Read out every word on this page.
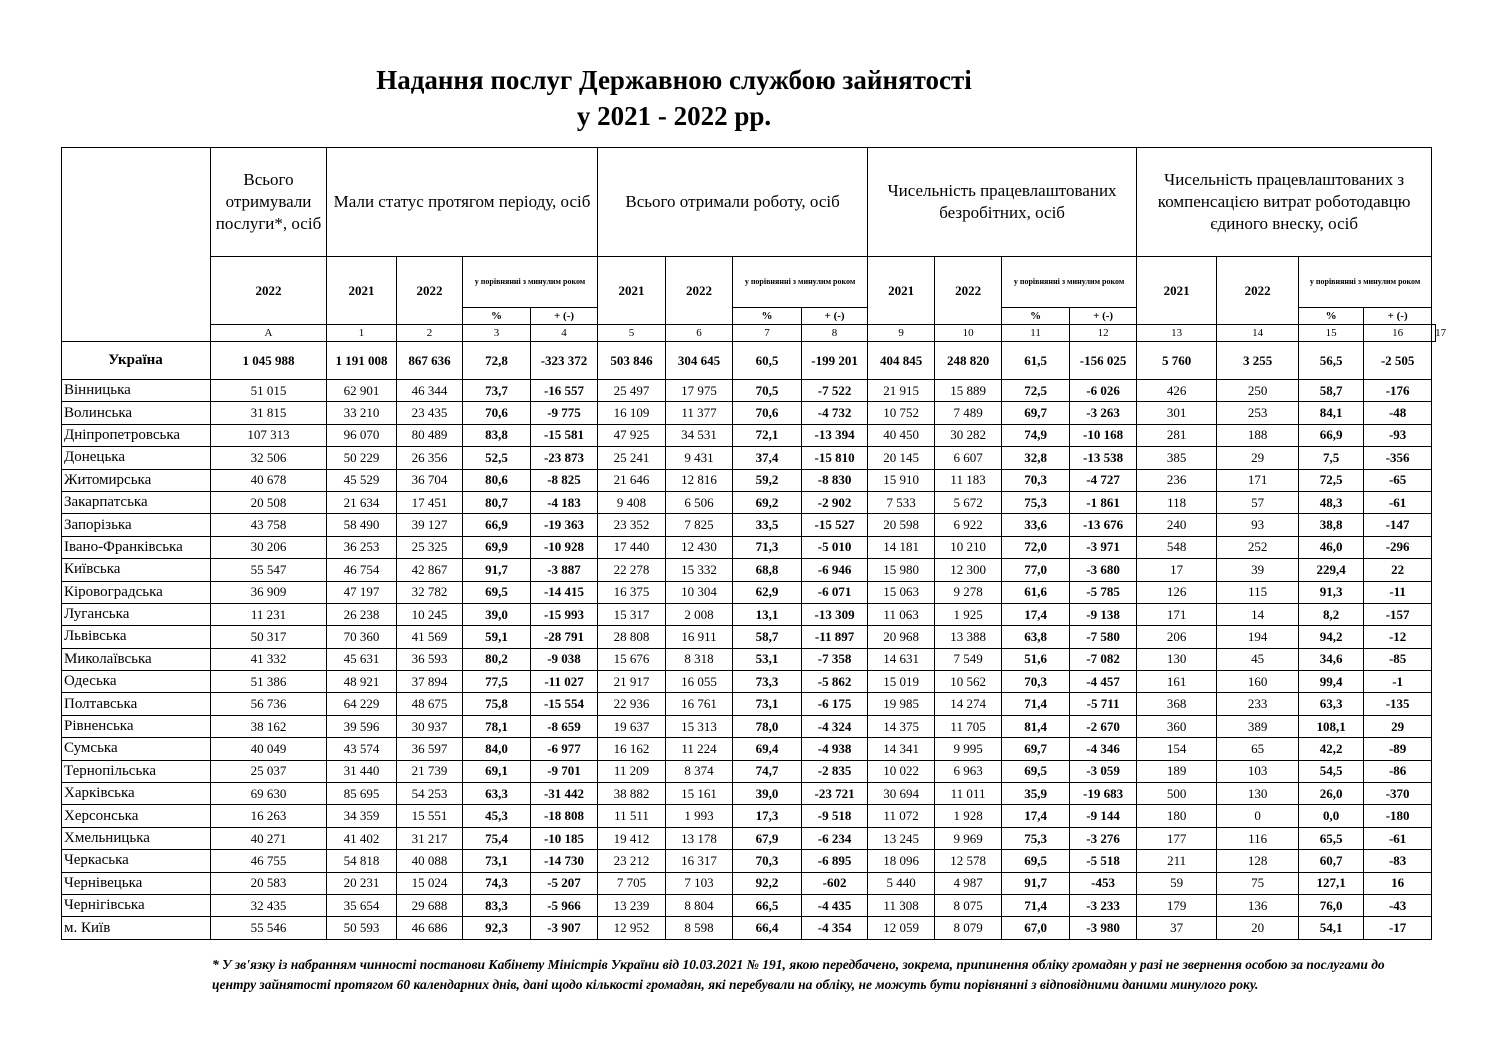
Надання послуг Державною службою зайнятості
у 2021 - 2022 рр.
	Всього отримували послуги*, осіб	Мали статус протягом періоду, осіб				Всього отримали роботу, осіб				Чисельність працевлаштованих безробітних, осіб				Чисельність працевлаштованих з компенсацією витрат роботодавцю єдиного внеску, осіб				
	2022	2021	2022	у порівнянні з минулим роком		2021	2022	у порівнянні з минулим роком		2021	2022	у порівнянні з минулим роком		2021	2022	у порівнянні з минулим роком		
				%	+ (-)			%	+ (-)			%	+ (-)			%	+ (-)	
	А	1	2	3	4	5	6	7	8	9	10	11	12	13	14	15	16	17
Україна	1 045 988	1 191 008	867 636	72,8	-323 372	503 846	304 645	60,5	-199 201	404 845	248 820	61,5	-156 025	5 760	3 255	56,5	-2 505	
Вінницька	51 015	62 901	46 344	73,7	-16 557	25 497	17 975	70,5	-7 522	21 915	15 889	72,5	-6 026	426	250	58,7	-176	
Волинська	31 815	33 210	23 435	70,6	-9 775	16 109	11 377	70,6	-4 732	10 752	7 489	69,7	-3 263	301	253	84,1	-48	
Дніпропетровська	107 313	96 070	80 489	83,8	-15 581	47 925	34 531	72,1	-13 394	40 450	30 282	74,9	-10 168	281	188	66,9	-93	
Донецька	32 506	50 229	26 356	52,5	-23 873	25 241	9 431	37,4	-15 810	20 145	6 607	32,8	-13 538	385	29	7,5	-356	
Житомирська	40 678	45 529	36 704	80,6	-8 825	21 646	12 816	59,2	-8 830	15 910	11 183	70,3	-4 727	236	171	72,5	-65	
Закарпатська	20 508	21 634	17 451	80,7	-4 183	9 408	6 506	69,2	-2 902	7 533	5 672	75,3	-1 861	118	57	48,3	-61	
Запорізька	43 758	58 490	39 127	66,9	-19 363	23 352	7 825	33,5	-15 527	20 598	6 922	33,6	-13 676	240	93	38,8	-147	
Івано-Франківська	30 206	36 253	25 325	69,9	-10 928	17 440	12 430	71,3	-5 010	14 181	10 210	72,0	-3 971	548	252	46,0	-296	
Київська	55 547	46 754	42 867	91,7	-3 887	22 278	15 332	68,8	-6 946	15 980	12 300	77,0	-3 680	17	39	229,4	22	
Кіровоградська	36 909	47 197	32 782	69,5	-14 415	16 375	10 304	62,9	-6 071	15 063	9 278	61,6	-5 785	126	115	91,3	-11	
Луганська	11 231	26 238	10 245	39,0	-15 993	15 317	2 008	13,1	-13 309	11 063	1 925	17,4	-9 138	171	14	8,2	-157	
Львівська	50 317	70 360	41 569	59,1	-28 791	28 808	16 911	58,7	-11 897	20 968	13 388	63,8	-7 580	206	194	94,2	-12	
Миколаївська	41 332	45 631	36 593	80,2	-9 038	15 676	8 318	53,1	-7 358	14 631	7 549	51,6	-7 082	130	45	34,6	-85	
Одеська	51 386	48 921	37 894	77,5	-11 027	21 917	16 055	73,3	-5 862	15 019	10 562	70,3	-4 457	161	160	99,4	-1	
Полтавська	56 736	64 229	48 675	75,8	-15 554	22 936	16 761	73,1	-6 175	19 985	14 274	71,4	-5 711	368	233	63,3	-135	
Рівненська	38 162	39 596	30 937	78,1	-8 659	19 637	15 313	78,0	-4 324	14 375	11 705	81,4	-2 670	360	389	108,1	29	
Сумська	40 049	43 574	36 597	84,0	-6 977	16 162	11 224	69,4	-4 938	14 341	9 995	69,7	-4 346	154	65	42,2	-89	
Тернопільська	25 037	31 440	21 739	69,1	-9 701	11 209	8 374	74,7	-2 835	10 022	6 963	69,5	-3 059	189	103	54,5	-86	
Харківська	69 630	85 695	54 253	63,3	-31 442	38 882	15 161	39,0	-23 721	30 694	11 011	35,9	-19 683	500	130	26,0	-370	
Херсонська	16 263	34 359	15 551	45,3	-18 808	11 511	1 993	17,3	-9 518	11 072	1 928	17,4	-9 144	180	0	0,0	-180	
Хмельницька	40 271	41 402	31 217	75,4	-10 185	19 412	13 178	67,9	-6 234	13 245	9 969	75,3	-3 276	177	116	65,5	-61	
Черкаська	46 755	54 818	40 088	73,1	-14 730	23 212	16 317	70,3	-6 895	18 096	12 578	69,5	-5 518	211	128	60,7	-83	
Чернівецька	20 583	20 231	15 024	74,3	-5 207	7 705	7 103	92,2	-602	5 440	4 987	91,7	-453	59	75	127,1	16	
Чернігівська	32 435	35 654	29 688	83,3	-5 966	13 239	8 804	66,5	-4 435	11 308	8 075	71,4	-3 233	179	136	76,0	-43	
м. Київ	55 546	50 593	46 686	92,3	-3 907	12 952	8 598	66,4	-4 354	12 059	8 079	67,0	-3 980	37	20	54,1	-17	
* У зв'язку із набранням чинності постанови Кабінету Міністрів України від 10.03.2021 № 191, якою передбачено, зокрема, припинення обліку громадян у разі не звернення особою за послугами до центру зайнятості протягом 60 календарних днів, дані щодо кількості громадян, які перебували на обліку, не можуть бути порівнянні з відповідними даними минулого року.
